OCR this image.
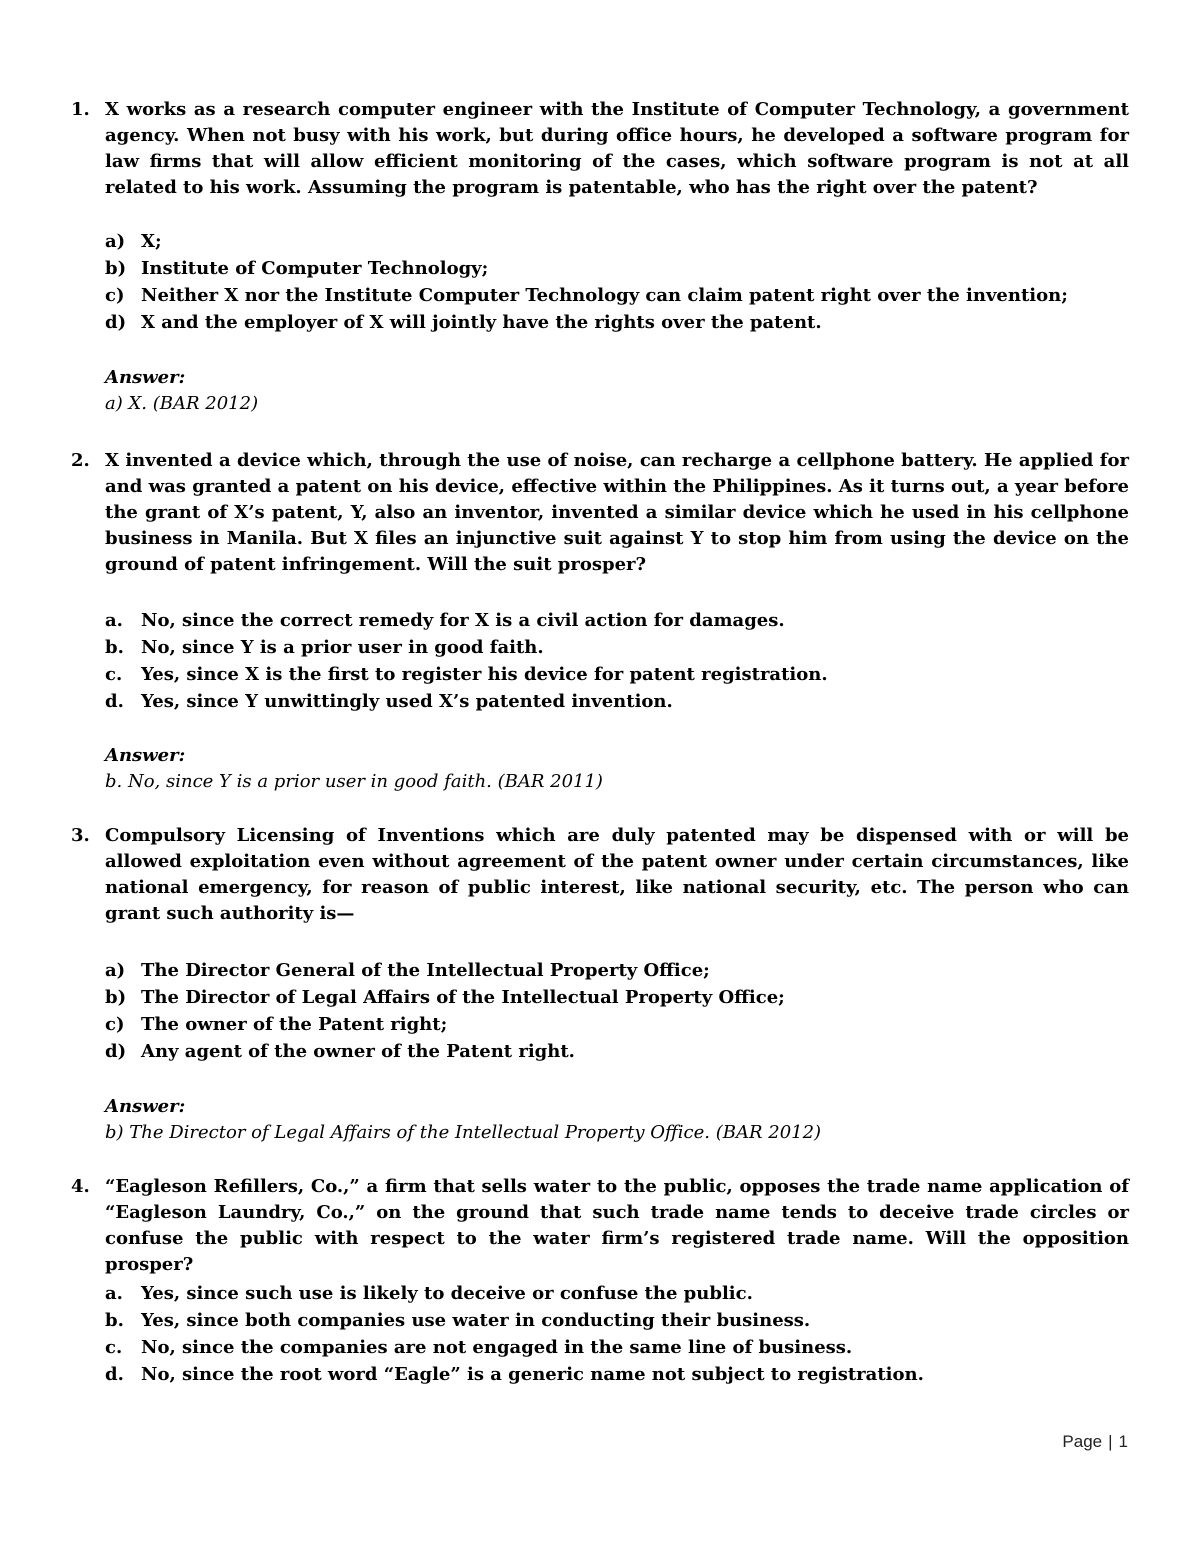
1. X works as a research computer engineer with the Institute of Computer Technology, a government agency. When not busy with his work, but during office hours, he developed a software program for law firms that will allow efficient monitoring of the cases, which software program is not at all related to his work. Assuming the program is patentable, who has the right over the patent?
a) X;
b) Institute of Computer Technology;
c) Neither X nor the Institute Computer Technology can claim patent right over the invention;
d) X and the employer of X will jointly have the rights over the patent.
Answer:
a) X. (BAR 2012)
2. X invented a device which, through the use of noise, can recharge a cellphone battery. He applied for and was granted a patent on his device, effective within the Philippines. As it turns out, a year before the grant of X’s patent, Y, also an inventor, invented a similar device which he used in his cellphone business in Manila. But X files an injunctive suit against Y to stop him from using the device on the ground of patent infringement. Will the suit prosper?
a. No, since the correct remedy for X is a civil action for damages.
b. No, since Y is a prior user in good faith.
c. Yes, since X is the first to register his device for patent registration.
d. Yes, since Y unwittingly used X’s patented invention.
Answer:
b. No, since Y is a prior user in good faith. (BAR 2011)
3. Compulsory Licensing of Inventions which are duly patented may be dispensed with or will be allowed exploitation even without agreement of the patent owner under certain circumstances, like national emergency, for reason of public interest, like national security, etc. The person who can grant such authority is—
a) The Director General of the Intellectual Property Office;
b) The Director of Legal Affairs of the Intellectual Property Office;
c) The owner of the Patent right;
d) Any agent of the owner of the Patent right.
Answer:
b) The Director of Legal Affairs of the Intellectual Property Office. (BAR 2012)
4. “Eagleson Refillers, Co.,” a firm that sells water to the public, opposes the trade name application of “Eagleson Laundry, Co.,” on the ground that such trade name tends to deceive trade circles or confuse the public with respect to the water firm’s registered trade name. Will the opposition prosper?
a. Yes, since such use is likely to deceive or confuse the public.
b. Yes, since both companies use water in conducting their business.
c. No, since the companies are not engaged in the same line of business.
d. No, since the root word “Eagle” is a generic name not subject to registration.
Page | 1
